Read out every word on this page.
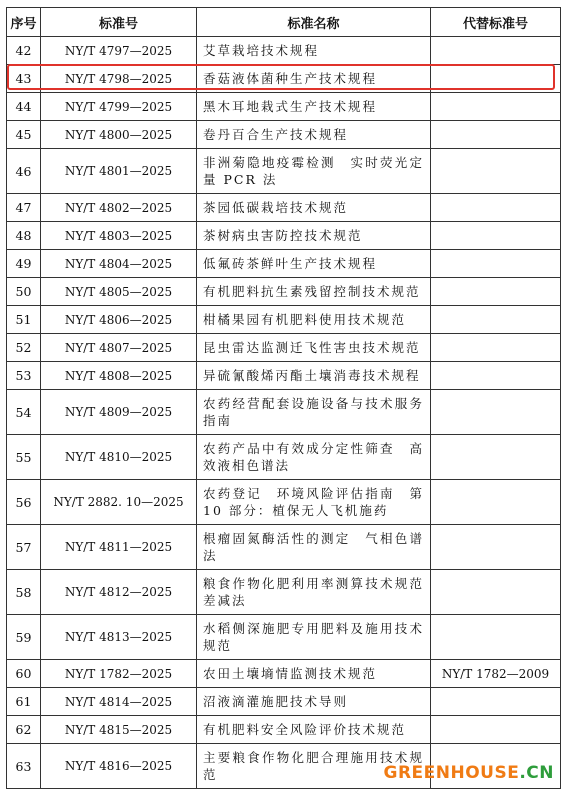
序号	标准号	标准名称	代替标准号
42	NY/T 4797—2025	艾草栽培技术规程	
43	NY/T 4798—2025	香菇液体菌种生产技术规程	
44	NY/T 4799—2025	黑木耳地栽式生产技术规程	
45	NY/T 4800—2025	卷丹百合生产技术规程	
46	NY/T 4801—2025	非洲菊隐地疫霉检测　实时荧光定量 PCR 法	
47	NY/T 4802—2025	茶园低碳栽培技术规范	
48	NY/T 4803—2025	茶树病虫害防控技术规范	
49	NY/T 4804—2025	低氟砖茶鲜叶生产技术规程	
50	NY/T 4805—2025	有机肥料抗生素残留控制技术规范	
51	NY/T 4806—2025	柑橘果园有机肥料使用技术规范	
52	NY/T 4807—2025	昆虫雷达监测迁飞性害虫技术规范	
53	NY/T 4808—2025	异硫氰酸烯丙酯土壤消毒技术规程	
54	NY/T 4809—2025	农药经营配套设施设备与技术服务指南	
55	NY/T 4810—2025	农药产品中有效成分定性筛查　高效液相色谱法	
56	NY/T 2882. 10—2025	农药登记　环境风险评估指南　第 10 部分：植保无人飞机施药	
57	NY/T 4811—2025	根瘤固氮酶活性的测定　气相色谱法	
58	NY/T 4812—2025	粮食作物化肥利用率测算技术规范　差减法	
59	NY/T 4813—2025	水稻侧深施肥专用肥料及施用技术规范	
60	NY/T 1782—2025	农田土壤墒情监测技术规范	NY/T 1782—2009
61	NY/T 4814—2025	沼液滴灌施肥技术导则	
62	NY/T 4815—2025	有机肥料安全风险评价技术规范	
63	NY/T 4816—2025	主要粮食作物化肥合理施用技术规范		GREENHOUSE.CN
